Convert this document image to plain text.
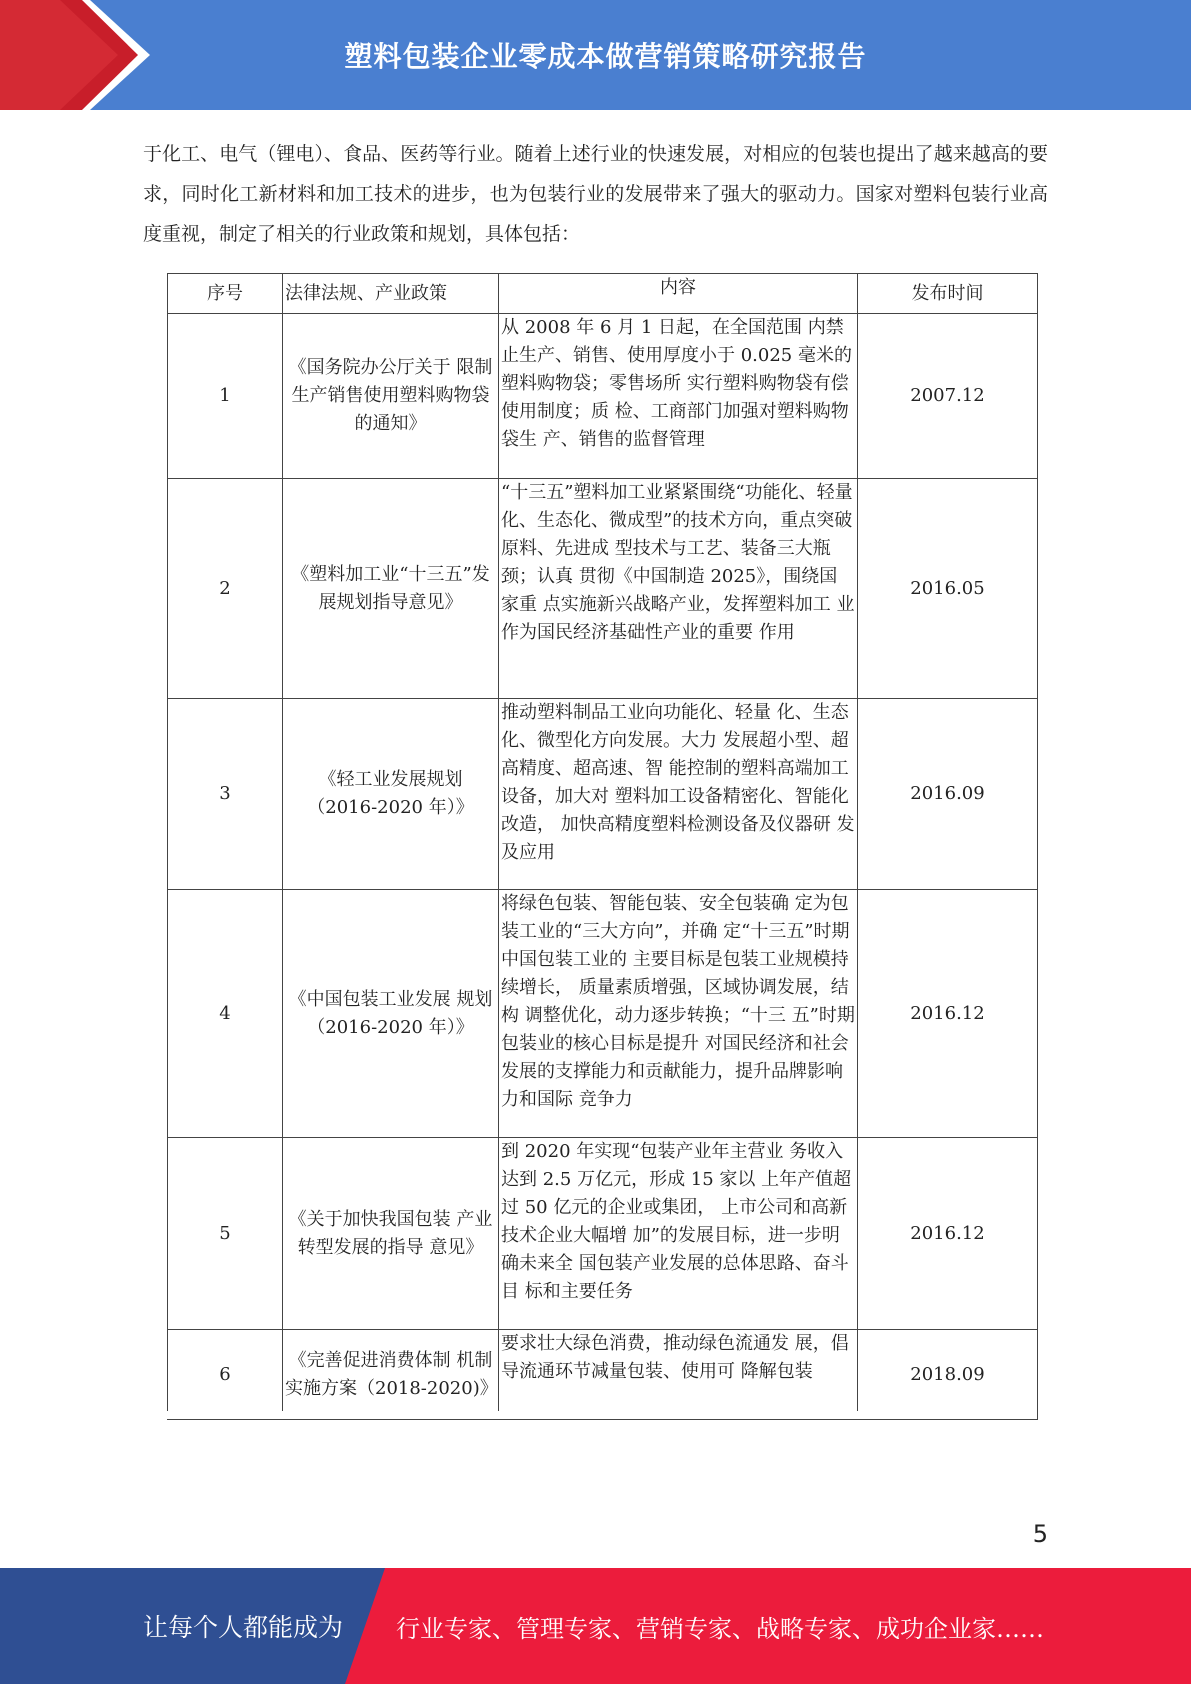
塑料包装企业零成本做营销策略研究报告

于化工、电气（锂电）、食品、医药等行业。随着上述行业的快速发展，对相应的包装也提出了越来越高的要求，同时化工新材料和加工技术的进步，也为包装行业的发展带来了强大的驱动力。国家对塑料包装行业高度重视，制定了相关的行业政策和规划，具体包括：

序号	法律法规、产业政策	内容	发布时间
1	《国务院办公厅关于 限制生产销售使用塑料购物袋的通知》	从 2008 年 6 月 1 日起，在全国范围 内禁止生产、销售、使用厚度小于 0.025 毫米的塑料购物袋；零售场所 实行塑料购物袋有偿使用制度；质 检、工商部门加强对塑料购物袋生 产、销售的监督管理	2007.12
2	《塑料加工业“十三五”发展规划指导意见》	“十三五”塑料加工业紧紧围绕“功能化、轻量化、生态化、微成型”的技术方向，重点突破原料、先进成 型技术与工艺、装备三大瓶颈；认真 贯彻《中国制造 2025》，围绕国家重 点实施新兴战略产业，发挥塑料加工 业作为国民经济基础性产业的重要 作用	2016.05
3	《轻工业发展规划（2016-2020 年）》	推动塑料制品工业向功能化、轻量 化、生态化、微型化方向发展。大力 发展超小型、超高精度、超高速、智 能控制的塑料高端加工设备，加大对 塑料加工设备精密化、智能化改造， 加快高精度塑料检测设备及仪器研 发及应用	2016.09
4	《中国包装工业发展 规划（2016-2020 年）》	将绿色包装、智能包装、安全包装确 定为包装工业的“三大方向”，并确 定“十三五”时期中国包装工业的 主要目标是包装工业规模持续增长， 质量素质增强，区域协调发展，结构 调整优化，动力逐步转换；“十三 五”时期包装业的核心目标是提升 对国民经济和社会发展的支撑能力和贡献能力，提升品牌影响力和国际 竞争力	2016.12
5	《关于加快我国包装 产业转型发展的指导 意见》	到 2020 年实现“包装产业年主营业 务收入达到 2.5 万亿元，形成 15 家以 上年产值超过 50 亿元的企业或集团， 上市公司和高新技术企业大幅增 加”的发展目标，进一步明确未来全 国包装产业发展的总体思路、奋斗目 标和主要任务	2016.12
6	《完善促进消费体制 机制实施方案（2018-2020)》	要求壮大绿色消费，推动绿色流通发 展，倡导流通环节减量包装、使用可 降解包装	2018.09
5
让每个人都能成为 行业专家、管理专家、营销专家、战略专家、成功企业家……
